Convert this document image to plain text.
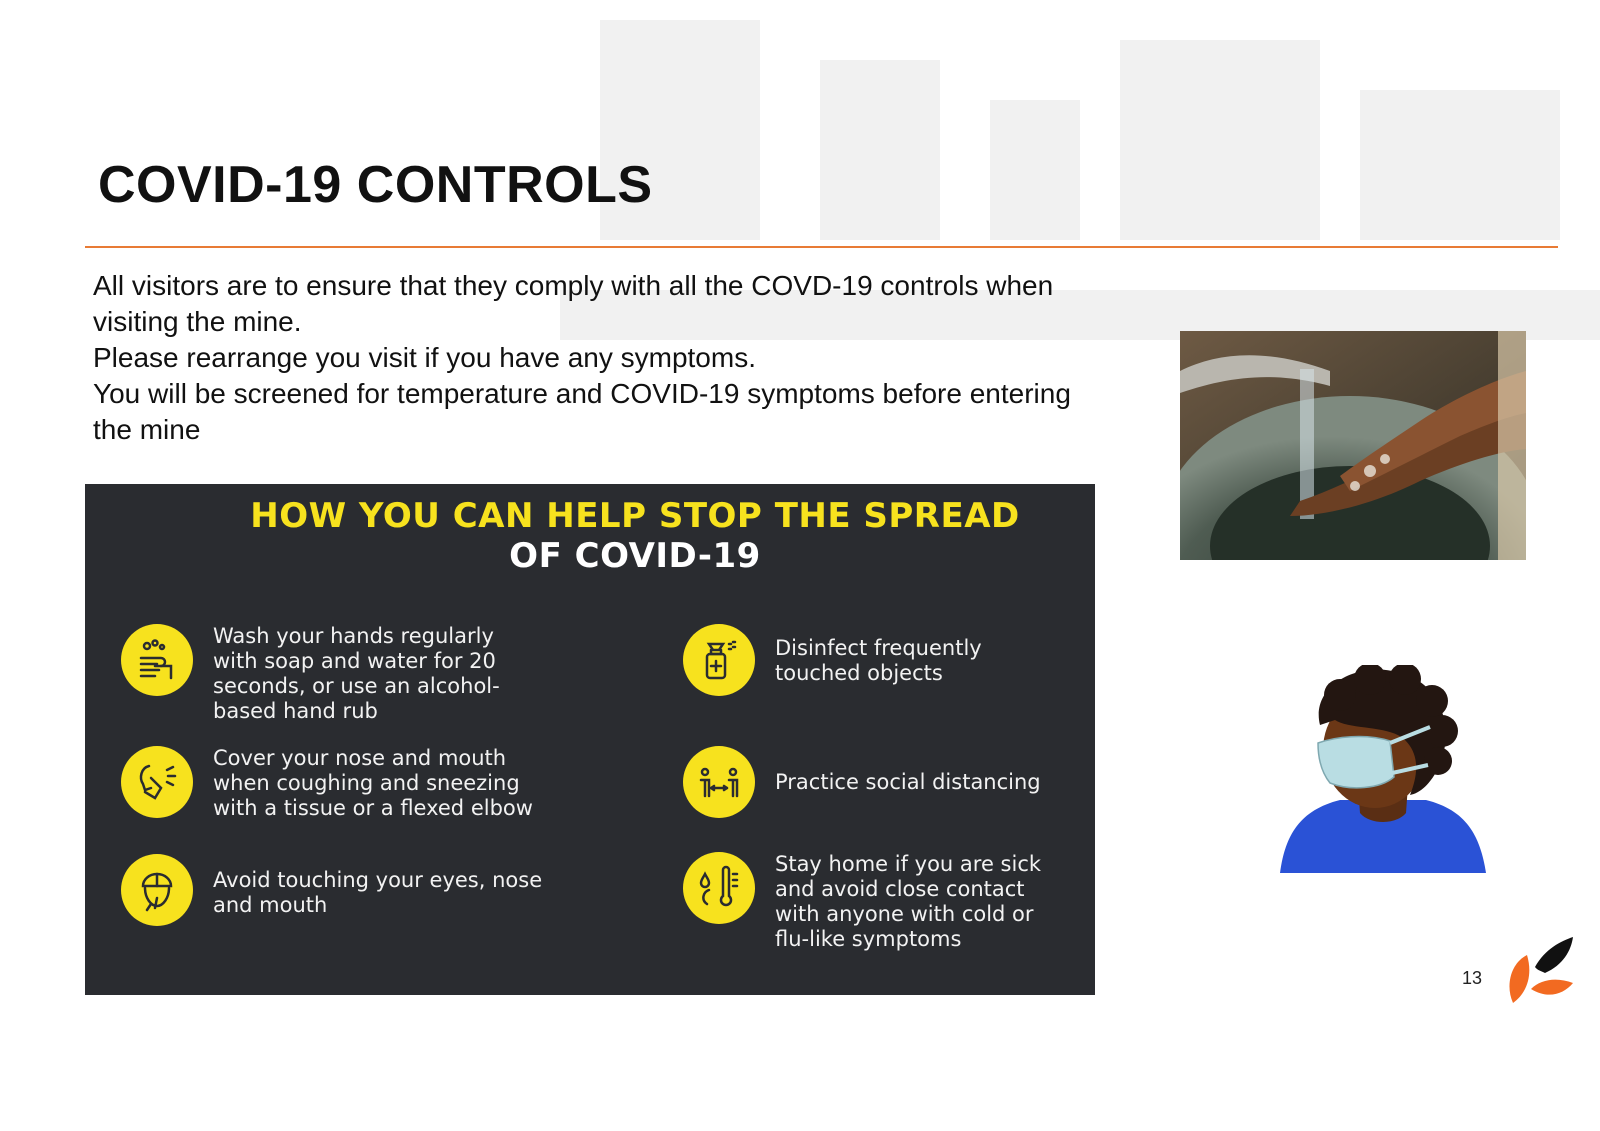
COVID-19 CONTROLS

All visitors are to ensure that they comply with all the COVD-19 controls when visiting the mine.

Please rearrange you visit if you have any symptoms.

You will be screened for temperature and COVID-19 symptoms before entering the mine

HOW YOU CAN HELP STOP THE SPREAD
OF COVID-19
Wash your hands regularly with soap and water for 20 seconds, or use an alcohol-based hand rub
Cover your nose and mouth when coughing and sneezing with a tissue or a flexed elbow
Avoid touching your eyes, nose and mouth
Disinfect frequently touched objects
Practice social distancing
Stay home if you are sick and avoid close contact with anyone with cold or flu-like symptoms
13
